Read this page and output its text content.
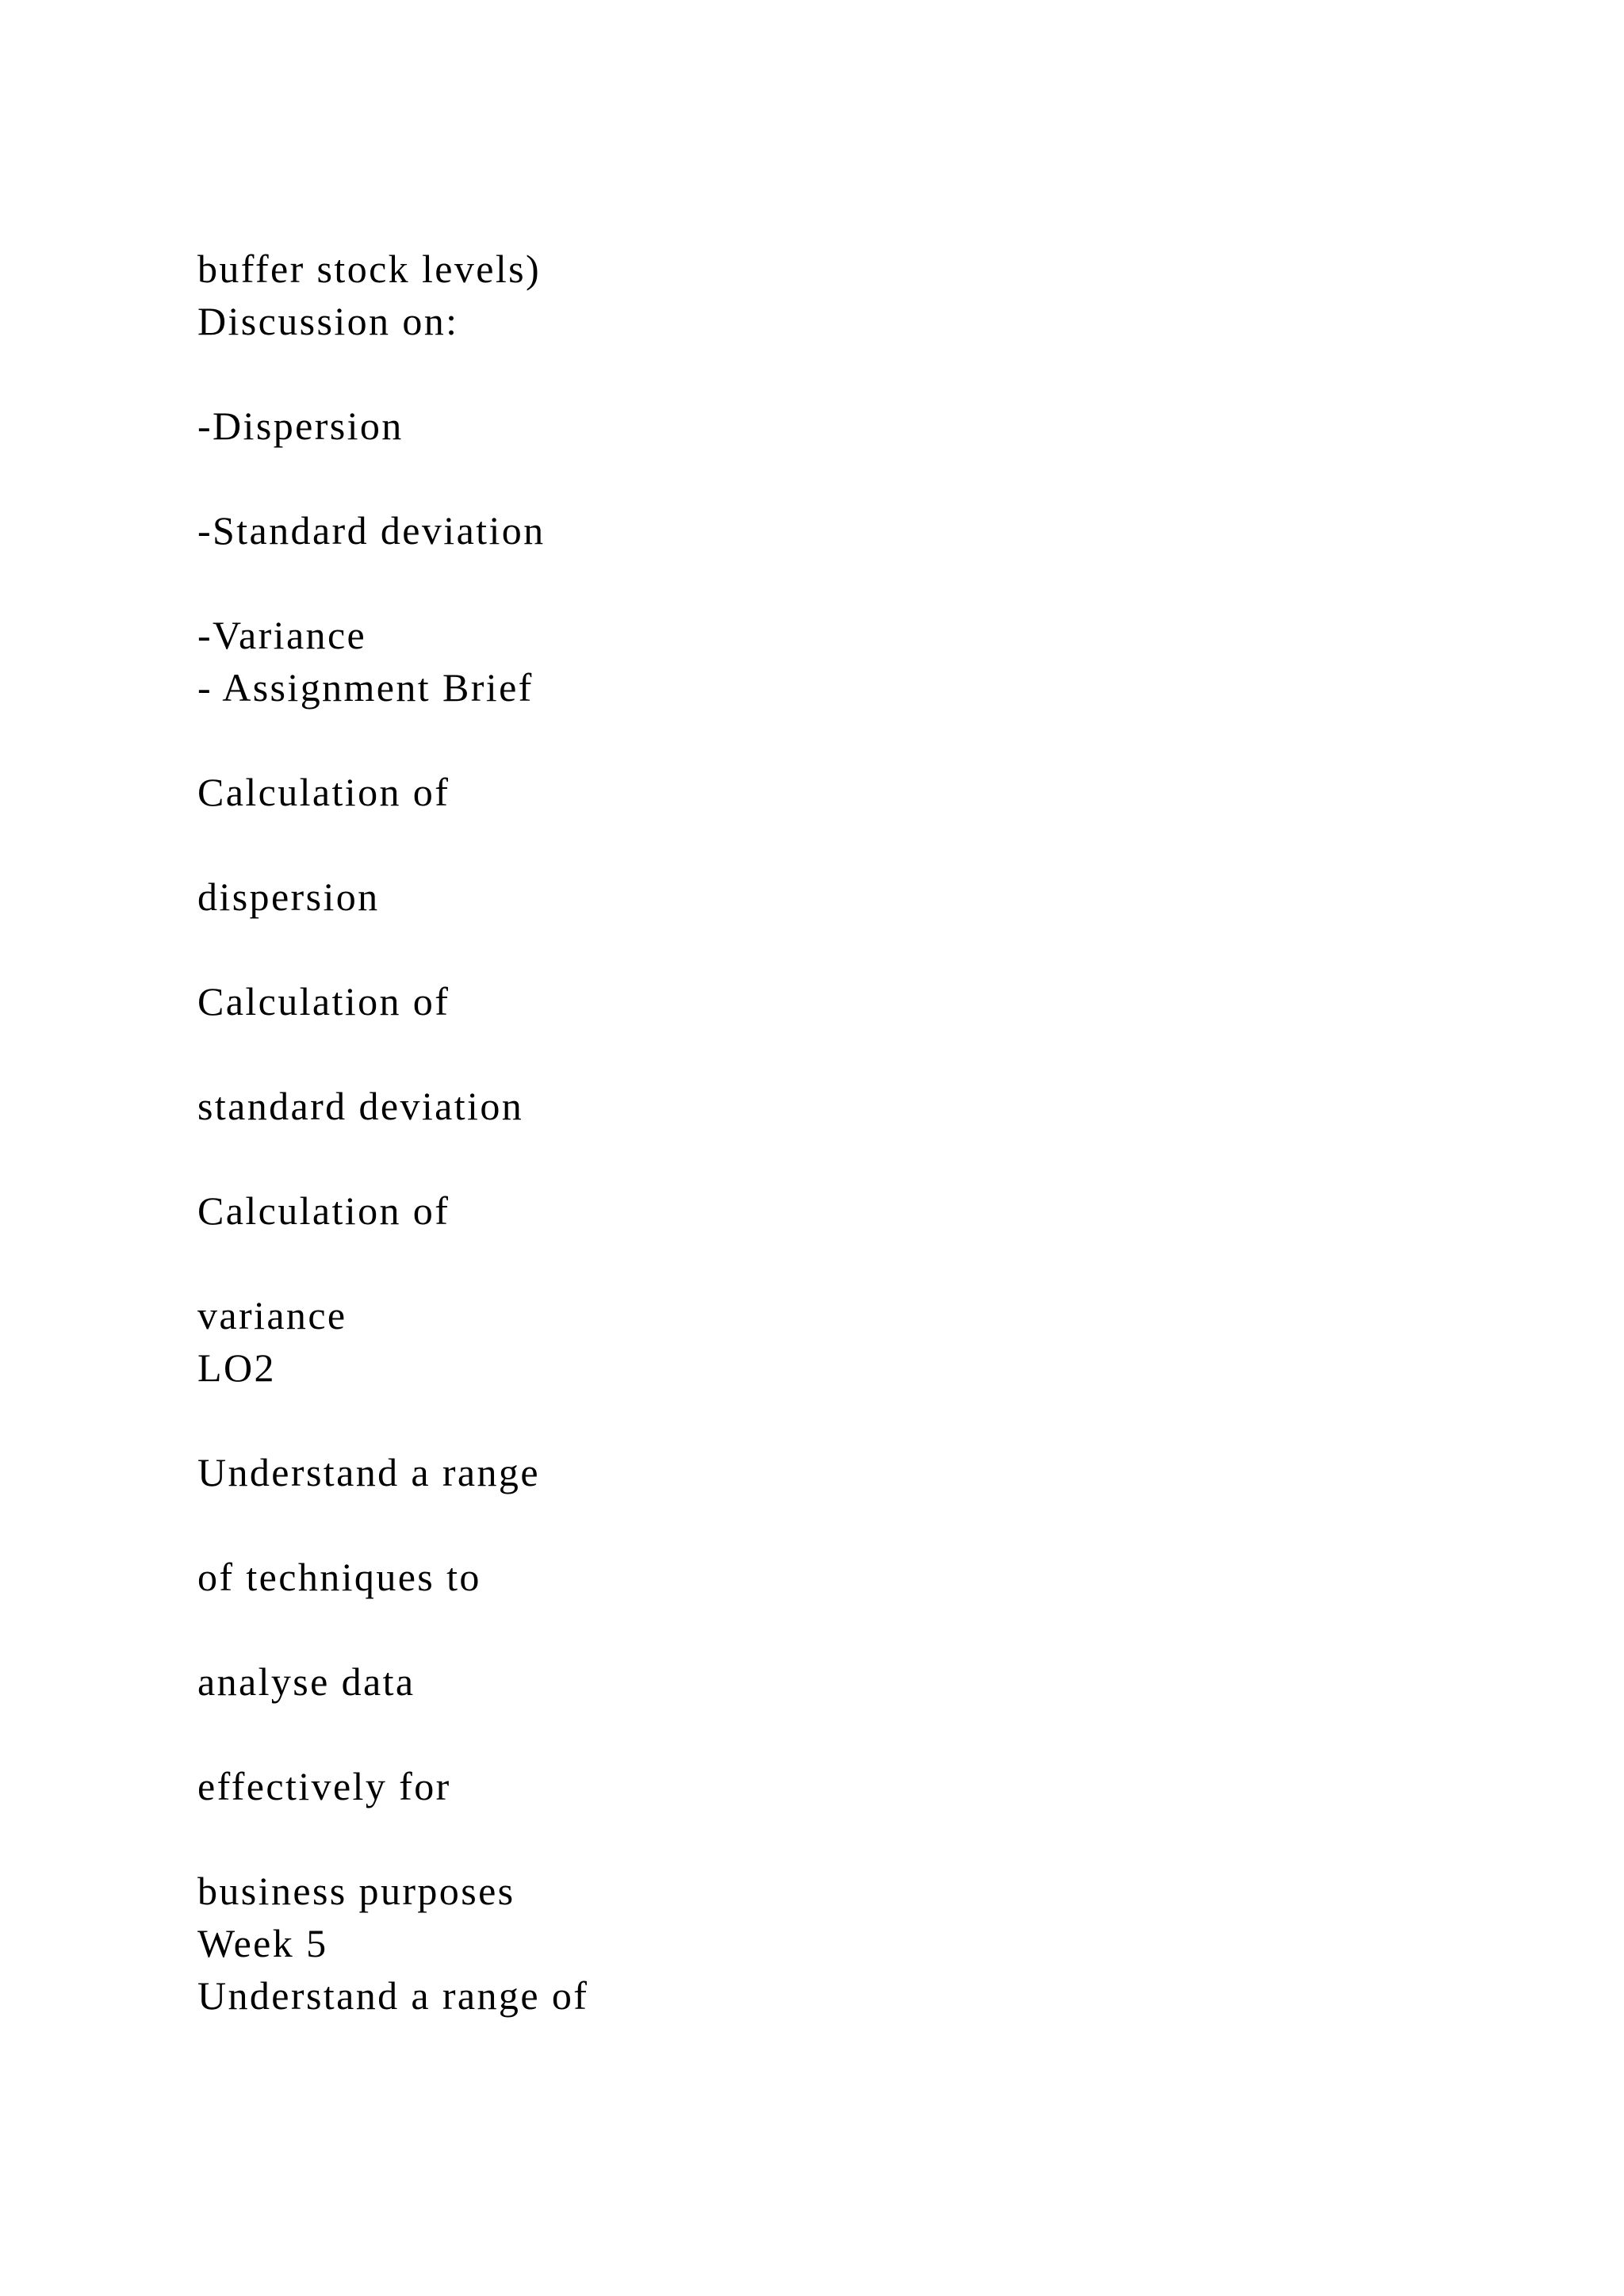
buffer stock levels)
Discussion on:
-Dispersion
-Standard deviation
-Variance
- Assignment Brief
Calculation of
dispersion
Calculation of
standard deviation
Calculation of
variance
LO2
Understand a range
of techniques to
analyse data
effectively for
business purposes
Week 5
Understand a range of
